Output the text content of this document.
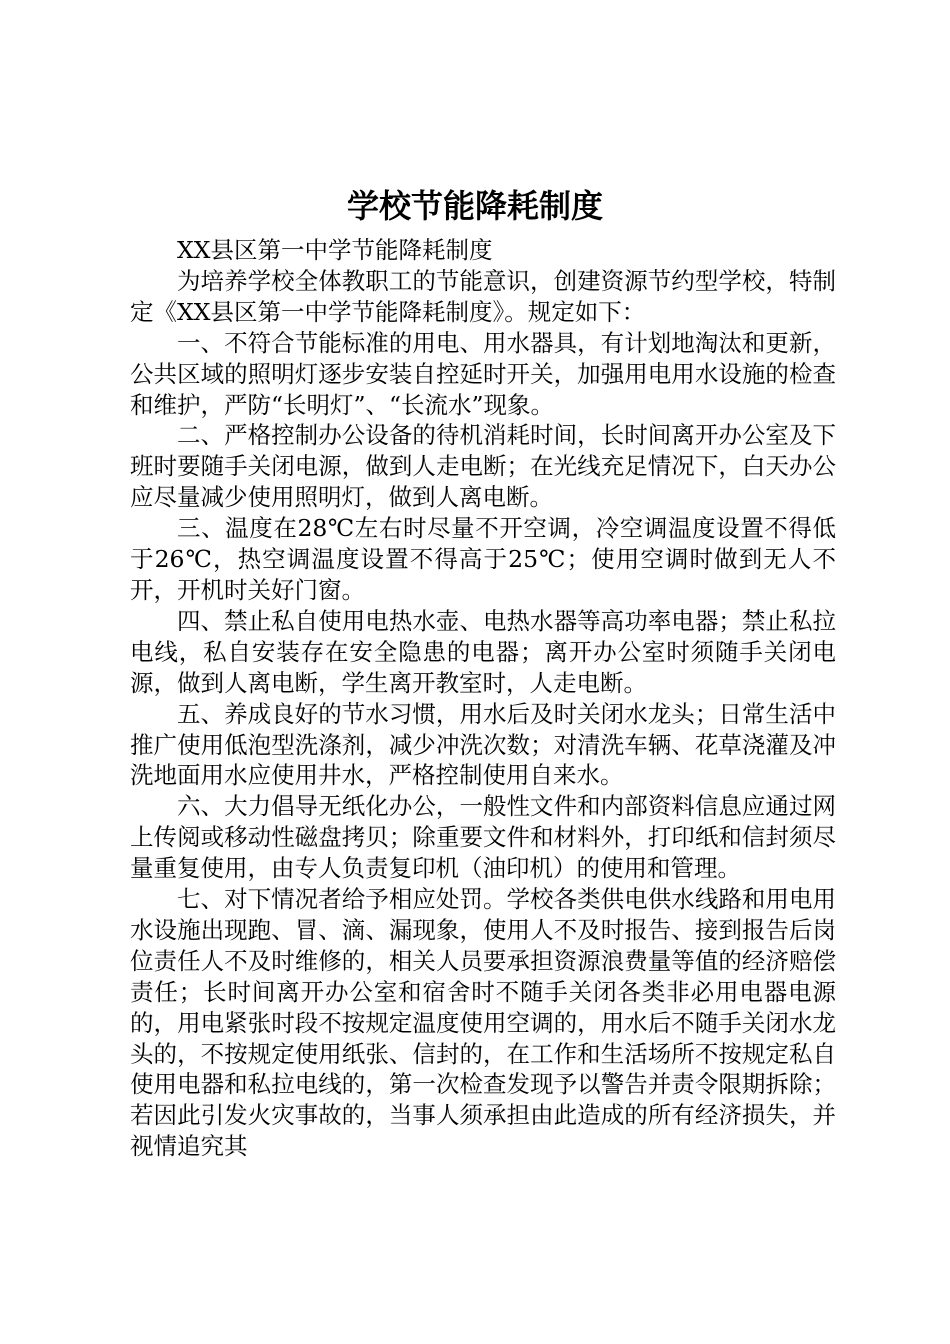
学校节能降耗制度

XX县区第一中学节能降耗制度

为培养学校全体教职工的节能意识，创建资源节约型学校，特制定《XX县区第一中学节能降耗制度》。规定如下：

一、不符合节能标准的用电、用水器具，有计划地淘汰和更新，公共区域的照明灯逐步安装自控延时开关，加强用电用水设施的检查和维护，严防“长明灯”、“长流水”现象。

二、严格控制办公设备的待机消耗时间，长时间离开办公室及下班时要随手关闭电源，做到人走电断；在光线充足情况下，白天办公应尽量减少使用照明灯，做到人离电断。

三、温度在28℃左右时尽量不开空调，冷空调温度设置不得低于26℃，热空调温度设置不得高于25℃；使用空调时做到无人不开，开机时关好门窗。

四、禁止私自使用电热水壶、电热水器等高功率电器；禁止私拉电线，私自安装存在安全隐患的电器；离开办公室时须随手关闭电源，做到人离电断，学生离开教室时，人走电断。

五、养成良好的节水习惯，用水后及时关闭水龙头；日常生活中推广使用低泡型洗涤剂，减少冲洗次数；对清洗车辆、花草浇灌及冲洗地面用水应使用井水，严格控制使用自来水。

六、大力倡导无纸化办公，一般性文件和内部资料信息应通过网上传阅或移动性磁盘拷贝；除重要文件和材料外，打印纸和信封须尽量重复使用，由专人负责复印机（油印机）的使用和管理。

七、对下情况者给予相应处罚。学校各类供电供水线路和用电用水设施出现跑、冒、滴、漏现象，使用人不及时报告、接到报告后岗位责任人不及时维修的，相关人员要承担资源浪费量等值的经济赔偿责任；长时间离开办公室和宿舍时不随手关闭各类非必用电器电源的，用电紧张时段不按规定温度使用空调的，用水后不随手关闭水龙头的，不按规定使用纸张、信封的，在工作和生活场所不按规定私自使用电器和私拉电线的，第一次检查发现予以警告并责令限期拆除；若因此引发火灾事故的，当事人须承担由此造成的所有经济损失，并视情追究其
